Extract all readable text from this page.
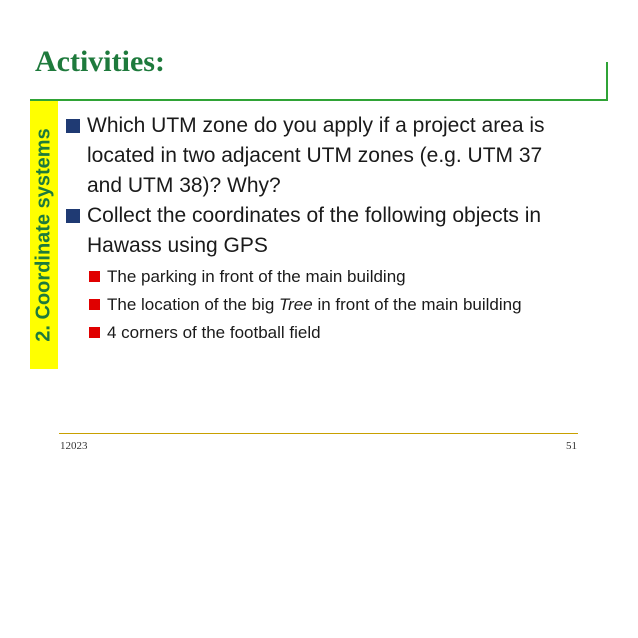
Activities:
2. Coordinate systems
Which UTM zone do you apply if a project area is located in two adjacent UTM zones (e.g. UTM 37 and UTM 38)? Why?
Collect the coordinates of the following objects in Hawass using GPS
The parking in front of the main building
The location of the big Tree in front of the main building
4 corners of the football field
12023	51
